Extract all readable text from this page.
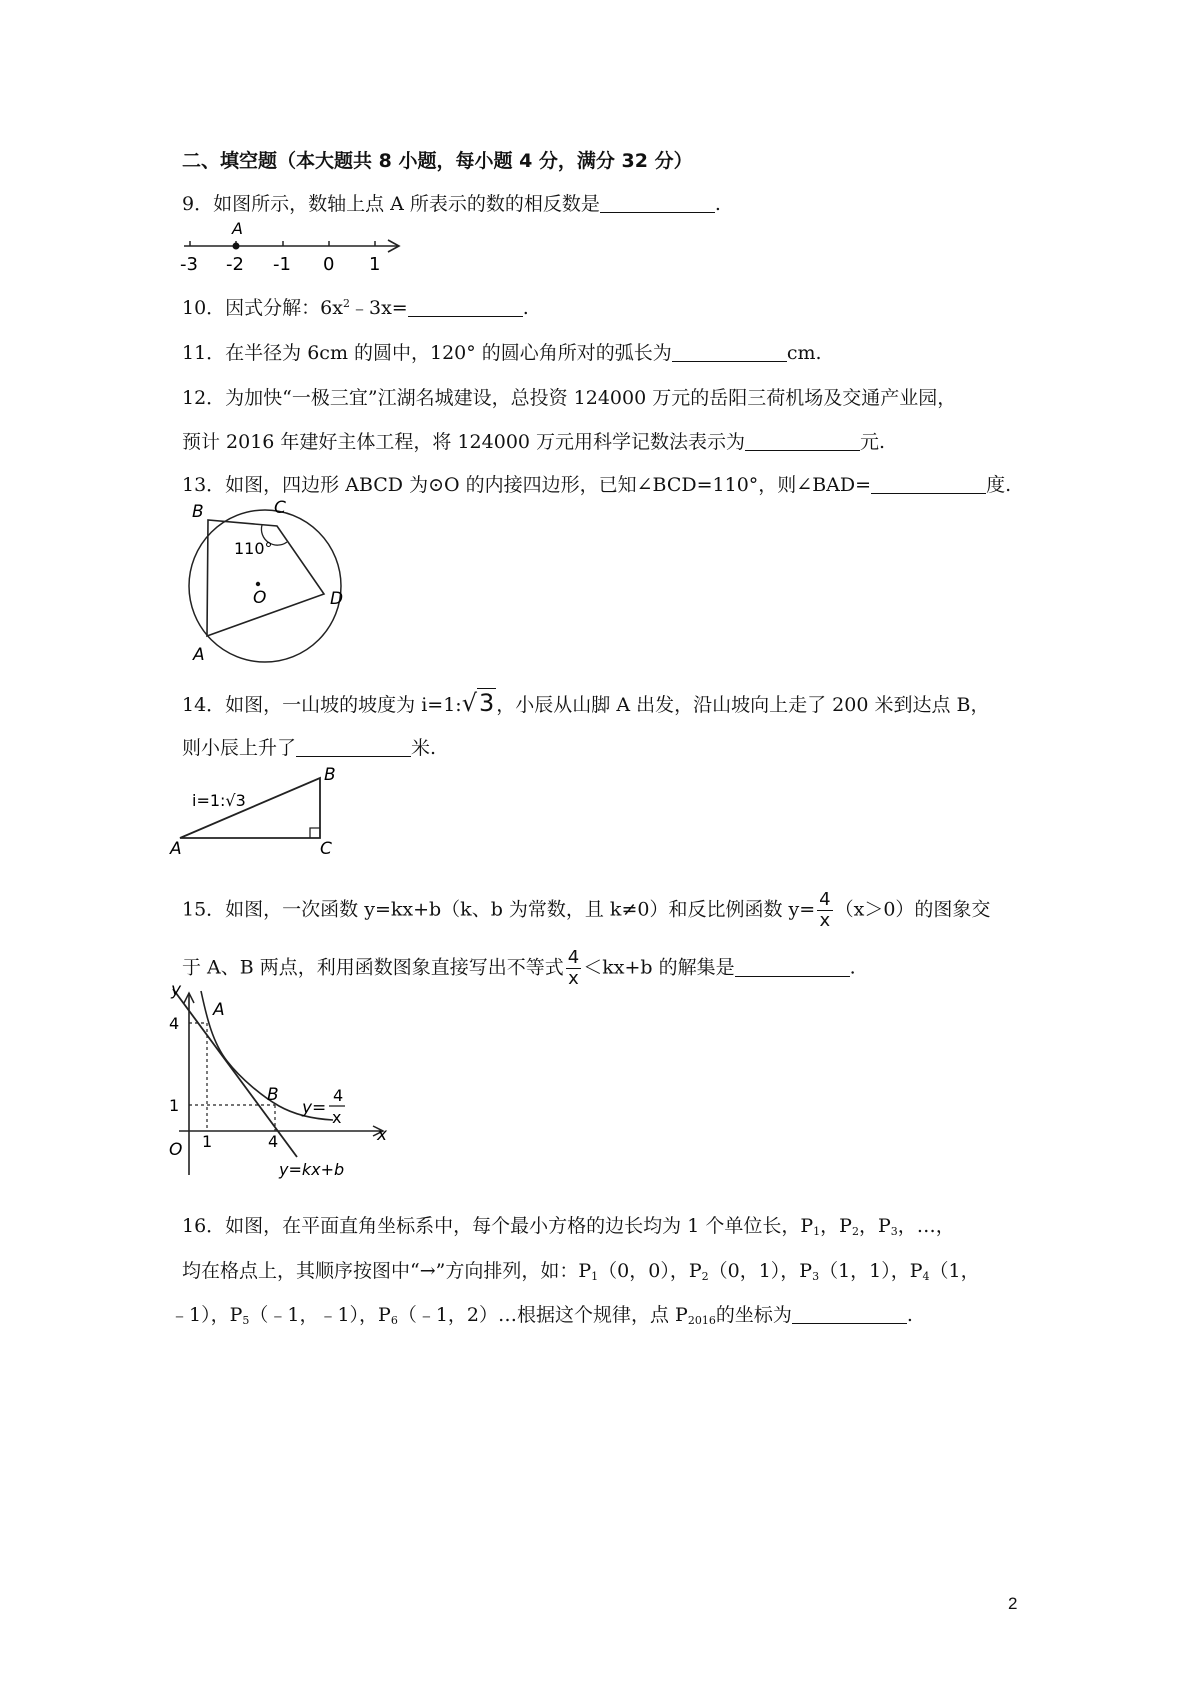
二、填空题（本大题共 8 小题，每小题 4 分，满分 32 分）
9．如图所示，数轴上点 A 所表示的数的相反数是	.
A
-3 -2 -1 0 1
10．因式分解：$6x^2﹣3x=$	.
11．在半径为 6cm 的圆中，120° 的圆心角所对的弧长为	cm.
12．为加快“一极三宜”江湖名城建设，总投资 124000 万元的岳阳三荷机场及交通产业园，
预计 2016 年建好主体工程，将 124000 万元用科学记数法表示为	元.
13．如图，四边形 ABCD 为⊙O 的内接四边形，已知∠BCD=110°，则∠BAD=	度.
O
B	C
D
A
110°
14．如图，一山坡的坡度为 i=1:√3 ，小辰从山脚 A 出发，沿山坡向上走了 200 米到达点 B，
则小辰上升了	米.
i=1:√3
A
B
C
15．如图，一次函数 y=kx+b（k、b 为常数，且 k≠0）和反比例函数 $y= \frac{4}{x} (x>0)$的图象交
于 A、B 两点，利用函数图象直接写出不等式 $\frac{4}{x} <kx+b$ 的解集是	.
y
x
O
4
1
1	4
A
B
y=
4
x
y=kx+b
16．如图，在平面直角坐标系中，每个最小方格的边长均为 1 个单位长，$P_1$，$P_2$，$P_3$，…，
均在格点上，其顺序按图中“→”方向排列，如：$P_1(0$，0），$P_2(0$，1），$P_3(1$，1），$P_4(1$，
﹣1），$P_5(﹣1$，﹣1），$P_6(﹣1$，2）…根据这个规律，点 $P_{2016}$的坐标为	.
2
